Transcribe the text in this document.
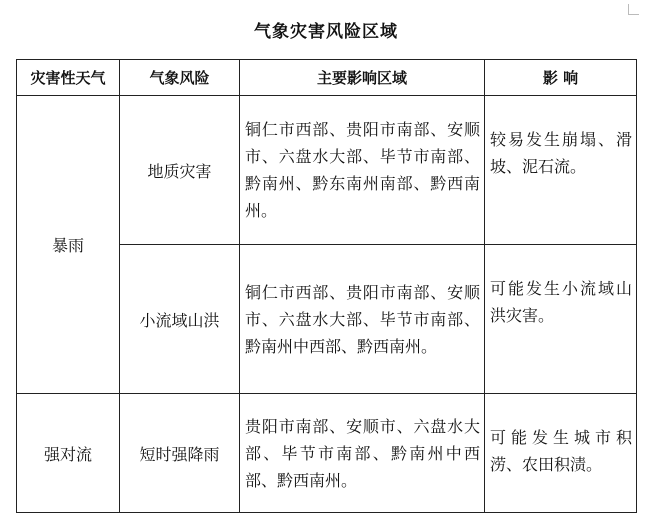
气象灾害风险区域
灾害性天气	气象风险	主要影响区域	影 响
暴雨	地质灾害	铜仁市西部、贵阳市南部、安顺市、六盘水大部、毕节市南部、黔南州、黔东南州南部、黔西南州。	较易发生崩塌、滑坡、泥石流。
	小流域山洪	铜仁市西部、贵阳市南部、安顺市、六盘水大部、毕节市南部、黔南州中西部、黔西南州。	可能发生小流域山洪灾害。
强对流	短时强降雨	贵阳市南部、安顺市、六盘水大部、毕节市南部、黔南州中西部、黔西南州。	可能发生城市积涝、农田积渍。
